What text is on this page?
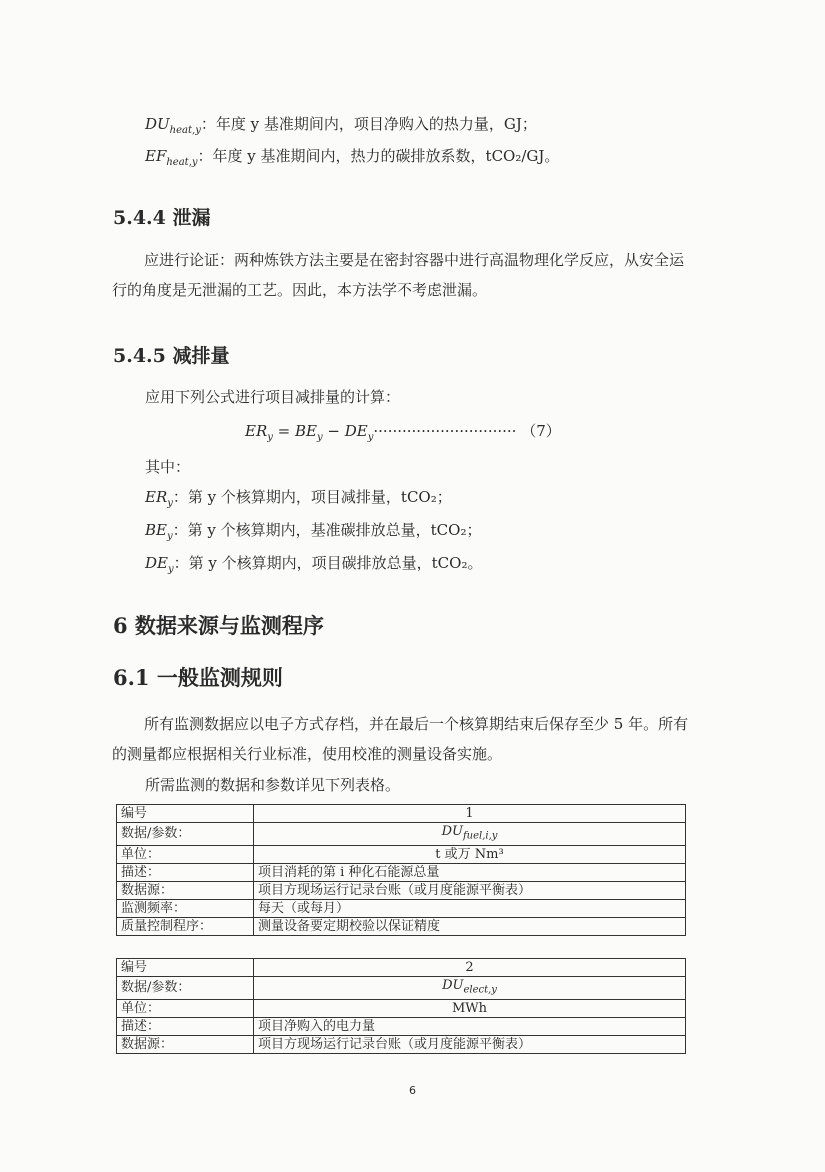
$DU_{heat,y}$：年度 y 基准期间内，项目净购入的热力量，GJ；
$EF_{heat,y}$：年度 y 基准期间内，热力的碳排放系数，tCO₂/GJ。
5.4.4 泄漏
应进行论证：两种炼铁方法主要是在密封容器中进行高温物理化学反应，从安全运行的角度是无泄漏的工艺。因此，本方法学不考虑泄漏。
5.4.5 减排量
应用下列公式进行项目减排量的计算：
$ER_y = BE_y - DE_y\cdot\cdot\cdot\cdot\cdot\cdot\cdot\cdot\cdot\cdot\cdot\cdot\cdot\cdot\cdot\cdot\cdot\cdot\cdot\cdot\cdot\cdot\cdot\cdot\cdot\cdot\cdot\cdot\cdot\cdot (7)$
其中：
$ER_y$：第 y 个核算期内，项目减排量，tCO₂；
$BE_y$：第 y 个核算期内，基准碳排放总量，tCO₂；
$DE_y$：第 y 个核算期内，项目碳排放总量，tCO₂。
6 数据来源与监测程序
6.1 一般监测规则
所有监测数据应以电子方式存档，并在最后一个核算期结束后保存至少 5 年。所有的测量都应根据相关行业标准，使用校准的测量设备实施。
所需监测的数据和参数详见下列表格。
编号	1
数据/参数：	$DU_{fuel,i,y}$
单位：	t 或万 Nm³
描述：	项目消耗的第 i 种化石能源总量
数据源：	项目方现场运行记录台账（或月度能源平衡表）
监测频率：	每天（或每月）
质量控制程序：	测量设备要定期校验以保证精度
编号	2
数据/参数：	$DU_{elect,y}$
单位：	MWh
描述：	项目净购入的电力量
数据源：	项目方现场运行记录台账（或月度能源平衡表）
6
